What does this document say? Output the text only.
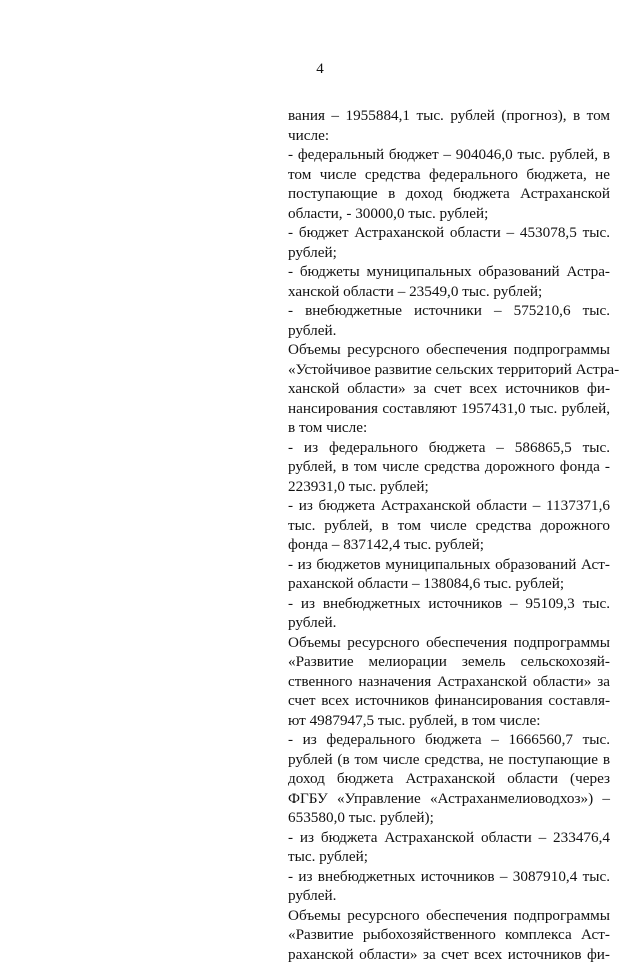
4
вания – 1955884,1 тыс. рублей (прогноз), в том
числе:
- федеральный бюджет – 904046,0 тыс. рублей, в
том числе средства федерального бюджета, не
поступающие в доход бюджета Астраханской
области, - 30000,0 тыс. рублей;
- бюджет Астраханской области – 453078,5 тыс.
рублей;
- бюджеты муниципальных образований Астра-
ханской области – 23549,0 тыс. рублей;
- внебюджетные источники – 575210,6 тыс.
рублей.
Объемы ресурсного обеспечения подпрограммы
«Устойчивое развитие сельских территорий Астра-
ханской области» за счет всех источников фи-
нансирования составляют 1957431,0 тыс. рублей,
в том числе:
- из федерального бюджета – 586865,5 тыс.
рублей, в том числе средства дорожного фонда -
223931,0 тыс. рублей;
- из бюджета Астраханской области – 1137371,6
тыс. рублей, в том числе средства дорожного
фонда – 837142,4 тыс. рублей;
- из бюджетов муниципальных образований Аст-
раханской области – 138084,6 тыс. рублей;
- из внебюджетных источников – 95109,3 тыс.
рублей.
Объемы ресурсного обеспечения подпрограммы
«Развитие мелиорации земель сельскохозяй-
ственного назначения Астраханской области» за
счет всех источников финансирования составля-
ют 4987947,5 тыс. рублей, в том числе:
- из федерального бюджета – 1666560,7 тыс.
рублей (в том числе средства, не поступающие в
доход бюджета Астраханской области (через
ФГБУ «Управление «Астраханмелиоводхоз») –
653580,0 тыс. рублей);
- из бюджета Астраханской области – 233476,4
тыс. рублей;
- из внебюджетных источников – 3087910,4 тыс.
рублей.
Объемы ресурсного обеспечения подпрограммы
«Развитие рыбохозяйственного комплекса Аст-
раханской области» за счет всех источников фи-
